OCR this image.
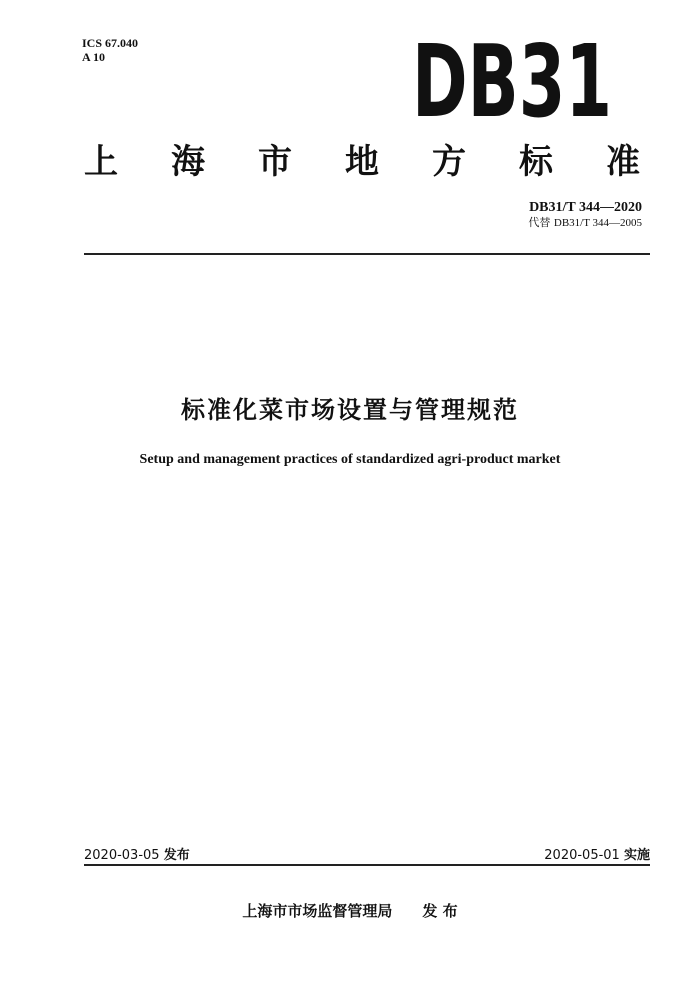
ICS 67.040
A 10	DB31
上 海 市 地 方 标 准
DB31/T 344—2020
代替 DB31/T 344—2005
标准化菜市场设置与管理规范
Setup and management practices of standardized agri-product market
2020-03-05 发布	2020-05-01 实施
上海市市场监督管理局 发 布
